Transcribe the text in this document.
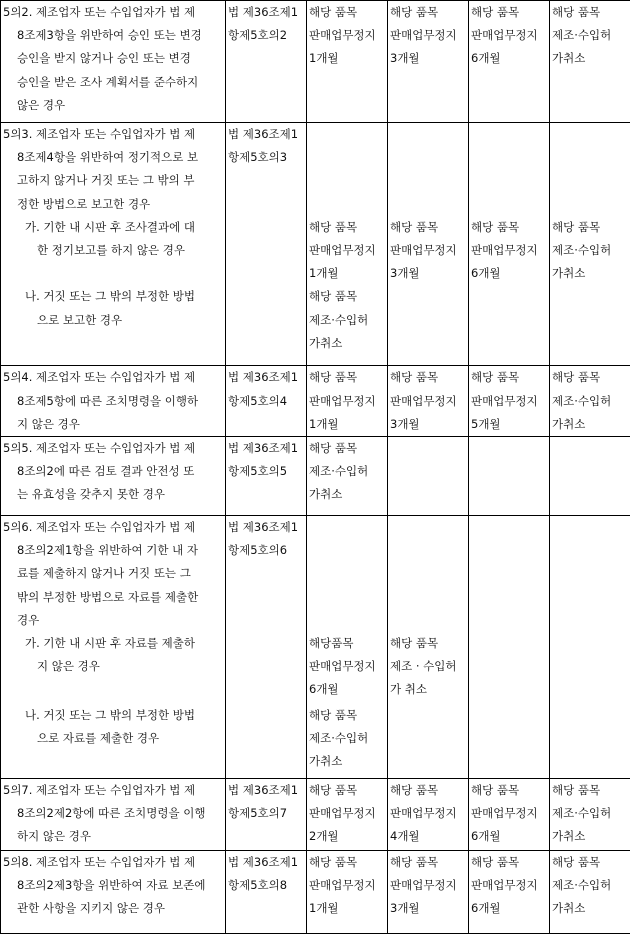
5의2. 제조업자 또는 수입업자가 법 제
8조제3항을 위반하여 승인 또는 변경
승인을 받지 않거나 승인 또는 변경
승인을 받은 조사 계획서를 준수하지
않은 경우	법 제36조제1
항제5호의2	해당 품목
판매업무정지
1개월	해당 품목
판매업무정지
3개월	해당 품목
판매업무정지
6개월	해당 품목
제조·수입허
가취소

5의3. 제조업자 또는 수입업자가 법 제
8조제4항을 위반하여 정기적으로 보
고하지 않거나 거짓 또는 그 밖의 부
정한 방법으로 보고한 경우	법 제36조제1
항제5호의3				

가. 기한 내 시판 후 조사결과에 대
한 정기보고를 하지 않은 경우		해당 품목
판매업무정지
1개월	해당 품목
판매업무정지
3개월	해당 품목
판매업무정지
6개월	해당 품목
제조·수입허
가취소

나. 거짓 또는 그 밖의 부정한 방법
으로 보고한 경우		해당 품목
제조·수입허
가취소			

5의4. 제조업자 또는 수입업자가 법 제
8조제5항에 따른 조치명령을 이행하
지 않은 경우	법 제36조제1
항제5호의4	해당 품목
판매업무정지
1개월	해당 품목
판매업무정지
3개월	해당 품목
판매업무정지
5개월	해당 품목
제조·수입허
가취소

5의5. 제조업자 또는 수입업자가 법 제
8조의2에 따른 검토 결과 안전성 또
는 유효성을 갖추지 못한 경우	법 제36조제1
항제5호의5	해당 품목
제조·수입허
가취소			

5의6. 제조업자 또는 수입업자가 법 제
8조의2제1항을 위반하여 기한 내 자
료를 제출하지 않거나 거짓 또는 그
밖의 부정한 방법으로 자료를 제출한
경우	법 제36조제1
항제5호의6				

가. 기한 내 시판 후 자료를 제출하
지 않은 경우		해당품목
판매업무정지
6개월	해당 품목
제조 · 수입허
가 취소		

나. 거짓 또는 그 밖의 부정한 방법
으로 자료를 제출한 경우		해당 품목
제조·수입허
가취소			

5의7. 제조업자 또는 수입업자가 법 제
8조의2제2항에 따른 조치명령을 이행
하지 않은 경우	법 제36조제1
항제5호의7	해당 품목
판매업무정지
2개월	해당 품목
판매업무정지
4개월	해당 품목
판매업무정지
6개월	해당 품목
제조·수입허
가취소

5의8. 제조업자 또는 수입업자가 법 제
8조의2제3항을 위반하여 자료 보존에
관한 사항을 지키지 않은 경우	법 제36조제1
항제5호의8	해당 품목
판매업무정지
1개월	해당 품목
판매업무정지
3개월	해당 품목
판매업무정지
6개월	해당 품목
제조·수입허
가취소
